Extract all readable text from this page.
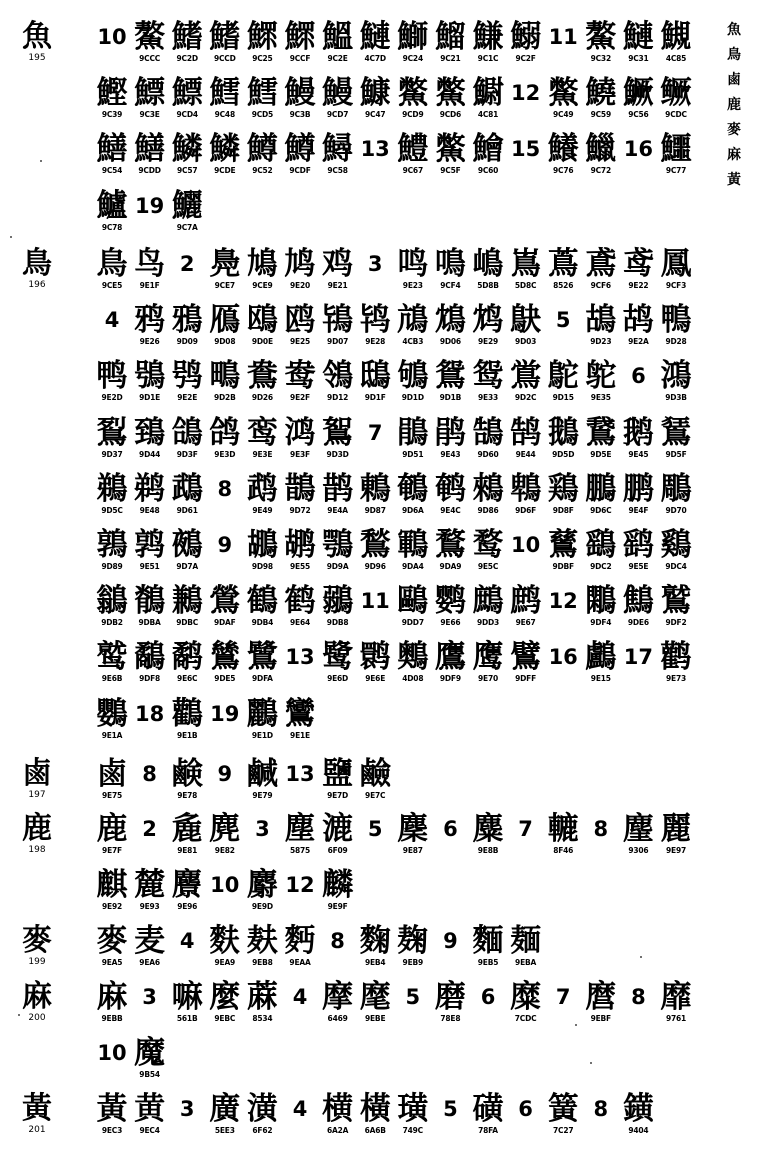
魚
鳥
鹵
鹿
麥
麻
黃
魚
195
10 鰲
9CCC
鰭
9C2D
鰭
9CCD
鰥
9C25
鰥
9CCF
鰮
9C2E
鰱
4C7D
鰤
9C24
鰡
9C21
鰜
9C1C
鰯
9C2F
11 鰲
9C32
鰱
9C31
䲅
4C85
鰹
9C39
鰾
9C3E
鰾
9CD4
鱈
9C48
鱈
9CD5
鰻
9C3B
鰻
9CD7
鱇
9C47
鱉
9CD9
鱉
9CD6
䲁
4C81
12 鱉
9C49
鱙
9C59
鱖
9C56
鳜
9CDC
鱔
9C54
鱔
9CDD
鱗
9C57
鱗
9CDE
鱒
9C52
鱒
9CDF
鱘
9C58
13 鱧
9C67
鱉
9C5F
鱠
9C60
15 鱶
9C76
鱲
9C72
16 鱷
9C77
鱸
9C78
19 鱺
9C7A
鳥
196
鳥
9CE5
鸟
9E1F
2 鳧
9CE7
鳩
9CE9
鸠
9E20
鸡
9E21
3 鸣
9E23
鳴
9CF4
嶋
5D8B
嶌
5D8C
蔦
8526
鳶
9CF6
鸢
9E22
鳳
9CF3
4 鸦
9E26
鴉
9D09
鴈
9D08
鴎
9D0E
鸥
9E25
鴇
9D07
鸨
9E28
䲳
4CB3
鴆
9D06
鸩
9E29
鴃
9D03
5 鴣
9D23
鸪
9E2A
鴨
9D28
鸭
9E2D
鴞
9D1E
鸮
9E2E
鴫
9D2B
鴦
9D26
鸯
9E2F
鴒
9D12
鴟
9D1F
鴝
9D1D
鴛
9D1B
鸳
9E33
鴬
9D2C
鴕
9D15
鸵
9E35
6 鴻
9D3B
鴷
9D37
鵄
9D44
鴿
9D3F
鸽
9E3D
鸾
9E3E
鸿
9E3F
鴽
9D3D
7 鵑
9D51
鹃
9E43
鵠
9D60
鹄
9E44
鵝
9D5D
鵞
9D5E
鹅
9E45
鵟
9D5F
鵜
9D5C
鹈
9E48
鵡
9D61
8 鹉
9E49
鵲
9D72
鹊
9E4A
鶇
9D87
鵪
9D6A
鹌
9E4C
鶆
9D86
鵯
9D6F
鶏
9D8F
鵬
9D6C
鹏
9E4F
鵰
9D70
鶉
9D89
鹑
9E51
鵺
9D7A
9 鶘
9D98
鹕
9E55
鶚
9D9A
鶖
9D96
鶤
9DA4
鶩
9DA9
鹜
9E5C
10 鶿
9DBF
鷂
9DC2
鹞
9E5E
鷄
9DC4
鶲
9DB2
鶺
9DBA
鶼
9DBC
鶯
9DAF
鶴
9DB4
鹤
9E64
鶸
9DB8
11 鷗
9DD7
鹦
9E66
鷓
9DD3
鹧
9E67
12 鷴
9DF4
鷦
9DE6
鷲
9DF2
鹫
9E6B
鷸
9DF8
鹬
9E6C
鷥
9DE5
鷺
9DFA
13 鹭
9E6D
鹮
9E6E
䴈
4D08
鷹
9DF9
鹰
9E70
鷿
9DFF
16 鸕
9E15
17 鹳
9E73
鸚
9E1A
18 鸛
9E1B
19 鸝
9E1D
鸞
9E1E
鹵
197
鹵
9E75
8 鹸
9E78
9 鹹
9E79
13 鹽
9E7D
鹼
9E7C
鹿
198
鹿
9E7F
2 麁
9E81
麂
9E82
3 塵
5875
漉
6F09
5 麇
9E87
6 麋
9E8B
7 轆
8F46
8 麈
9306
麗
9E97
麒
9E92
麓
9E93
麖
9E96
10 麝
9E9D
12 麟
9E9F
麥
199
麥
9EA5
麦
9EA6
4 麩
9EA9
麸
9EB8
麪
9EAA
8 麴
9EB4
麹
9EB9
9 麵
9EB5
麺
9EBA
麻
200
麻
9EBB
3 嘛
561B
麼
9EBC
蔴
8534
4 摩
6469
麾
9EBE
5 磨
78E8
6 糜
7CDC
7 麿
9EBF
8 靡
9761
10 魔
9B54
黃
201
黃
9EC3
黄
9EC4
3 廣
5EE3
潢
6F62
4 横
6A2A
橫
6A6B
璜
749C
5 磺
78FA
6 簧
7C27
8 鐄
9404
